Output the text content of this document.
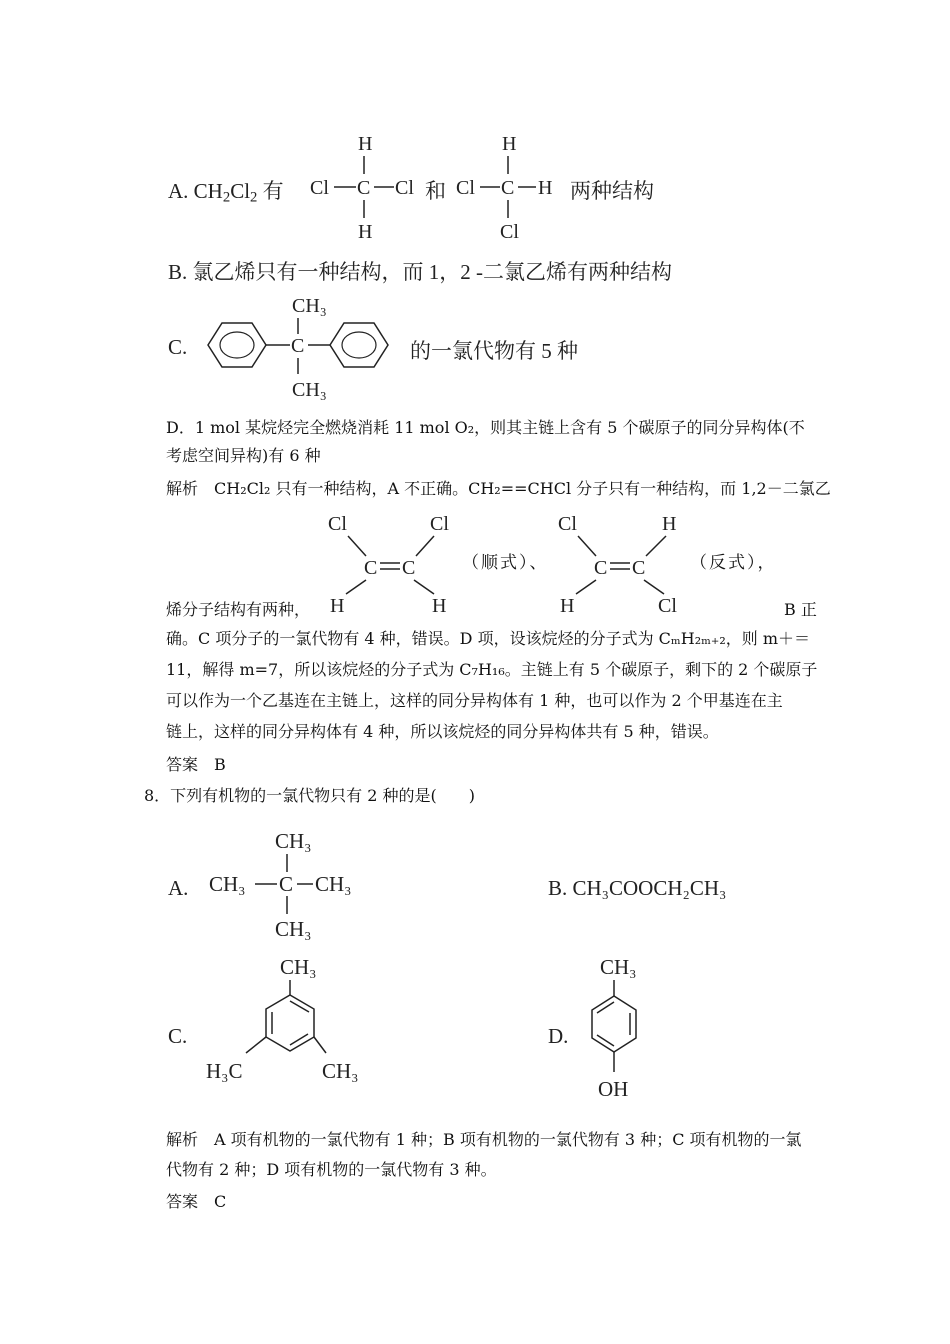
A. $CH_2Cl_2$ 有
H
Cl C Cl
H
和
H
Cl C H
Cl
两种结构
B. 氯乙烯只有一种结构，而 1，2 -二氯乙烯有两种结构
C.
CH₃
C
CH₃
的一氯代物有 5 种
D．1 mol 某烷烃完全燃烧消耗 11 mol O₂，则其主链上含有 5 个碳原子的同分异构体(不
考虑空间异构)有 6 种
解析　CH₂Cl₂ 只有一种结构，A 不正确。CH₂==CHCl 分子只有一种结构，而 1,2－二氯乙
Cl	Cl
C C
H	H
（顺式）、
Cl	H
C C
H	Cl
（反式），
烯分子结构有两种，	B 正
确。C 项分子的一氯代物有 4 种，错误。D 项，设该烷烃的分子式为 CₘH₂ₘ₊₂，则 m＋＝
11，解得 m=7，所以该烷烃的分子式为 C₇H₁₆。主链上有 5 个碳原子，剩下的 2 个碳原子
可以作为一个乙基连在主链上，这样的同分异构体有 1 种，也可以作为 2 个甲基连在主
链上，这样的同分异构体有 4 种，所以该烷烃的同分异构体共有 5 种，错误。
答案　B
8．下列有机物的一氯代物只有 2 种的是(　　)
A.
CH₃
CH₃ C CH₃
CH₃
B. CH₃COOCH₂CH₃
C.
CH₃
H₃C	CH₃
D.
CH₃
OH
解析　A 项有机物的一氯代物有 1 种；B 项有机物的一氯代物有 3 种；C 项有机物的一氯
代物有 2 种；D 项有机物的一氯代物有 3 种。
答案　C
